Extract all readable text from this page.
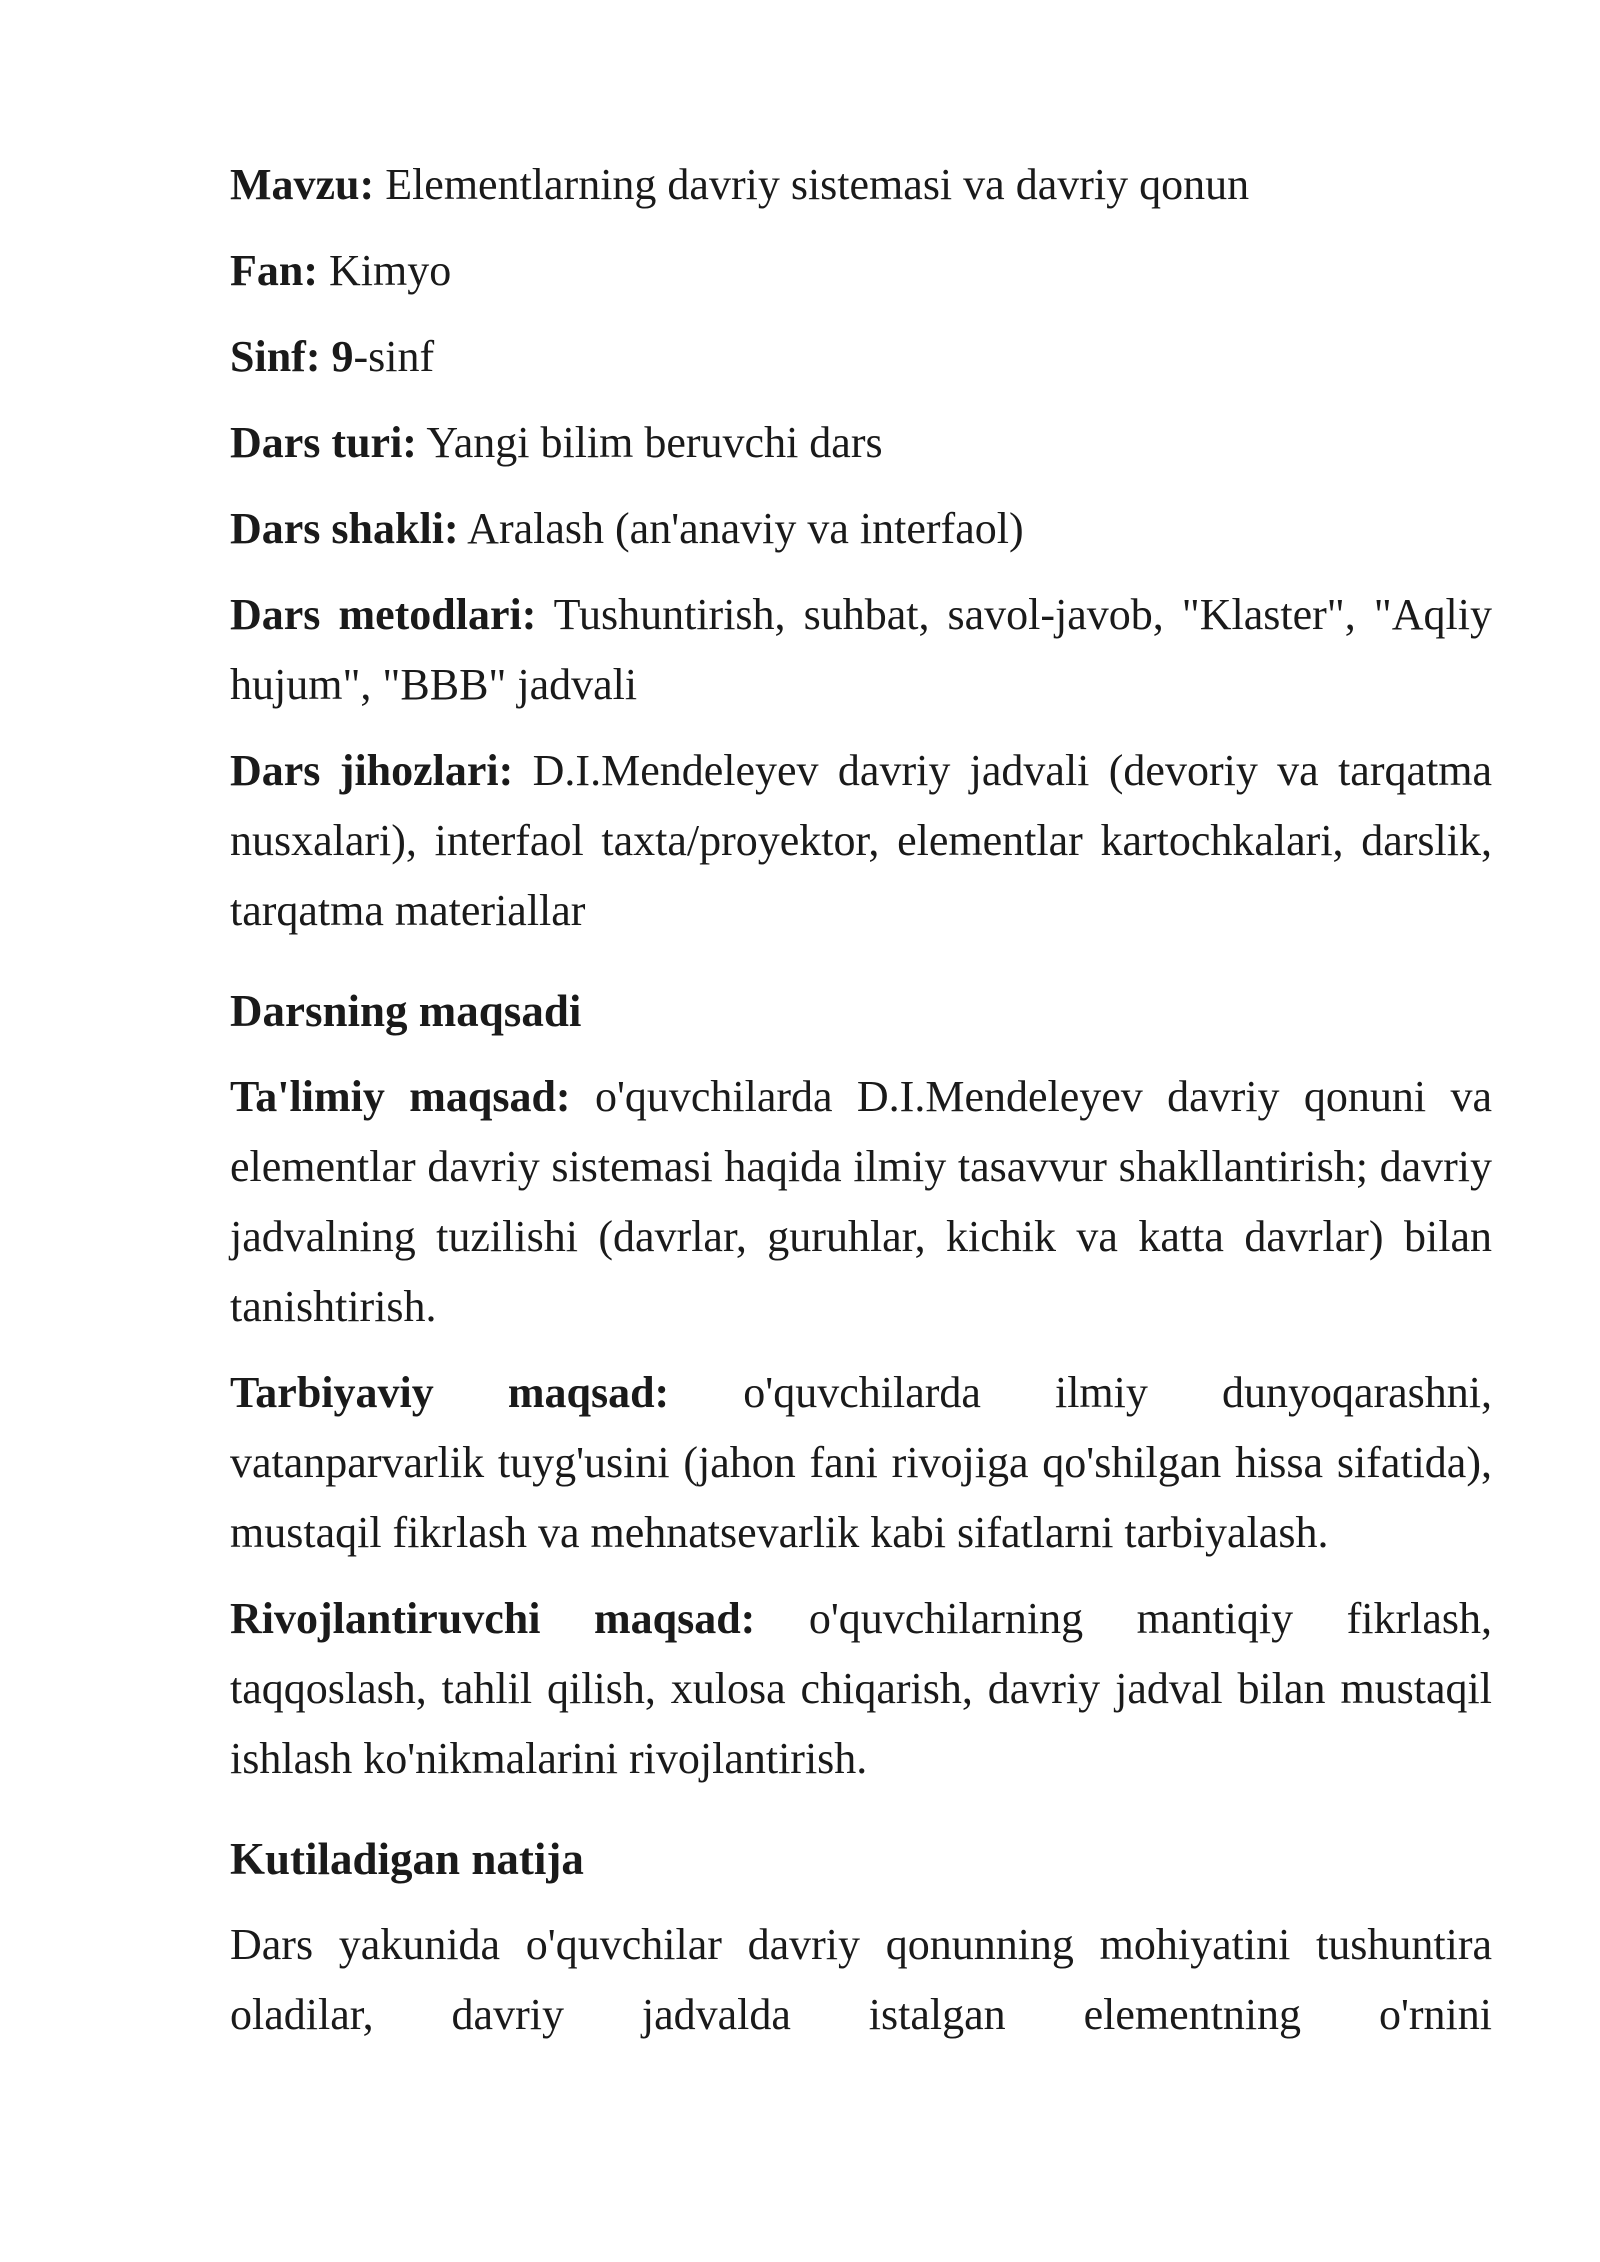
Mavzu: Elementlarning davriy sistemasi va davriy qonun

Fan: Kimyo

Sinf: 9-sinf

Dars turi: Yangi bilim beruvchi dars

Dars shakli: Aralash (an'anaviy va interfaol)

Dars metodlari: Tushuntirish, suhbat, savol-javob, "Klaster", "Aqliy hujum", "BBB" jadvali

Dars jihozlari: D.I.Mendeleyev davriy jadvali (devoriy va tarqatma nusxalari), interfaol taxta/proyektor, elementlar kartochkalari, darslik, tarqatma materiallar

Darsning maqsadi

Ta'limiy maqsad: o'quvchilarda D.I.Mendeleyev davriy qonuni va elementlar davriy sistemasi haqida ilmiy tasavvur shakllantirish; davriy jadvalning tuzilishi (davrlar, guruhlar, kichik va katta davrlar) bilan tanishtirish.

Tarbiyaviy maqsad: o'quvchilarda ilmiy dunyoqarashni, vatanparvarlik tuyg'usini (jahon fani rivojiga qo'shilgan hissa sifatida), mustaqil fikrlash va mehnatsevarlik kabi sifatlarni tarbiyalash.

Rivojlantiruvchi maqsad: o'quvchilarning mantiqiy fikrlash, taqqoslash, tahlil qilish, xulosa chiqarish, davriy jadval bilan mustaqil ishlash ko'nikmalarini rivojlantirish.

Kutiladigan natija

Dars yakunida o'quvchilar davriy qonunning mohiyatini tushuntira oladilar, davriy jadvalda istalgan elementning o'rnini
